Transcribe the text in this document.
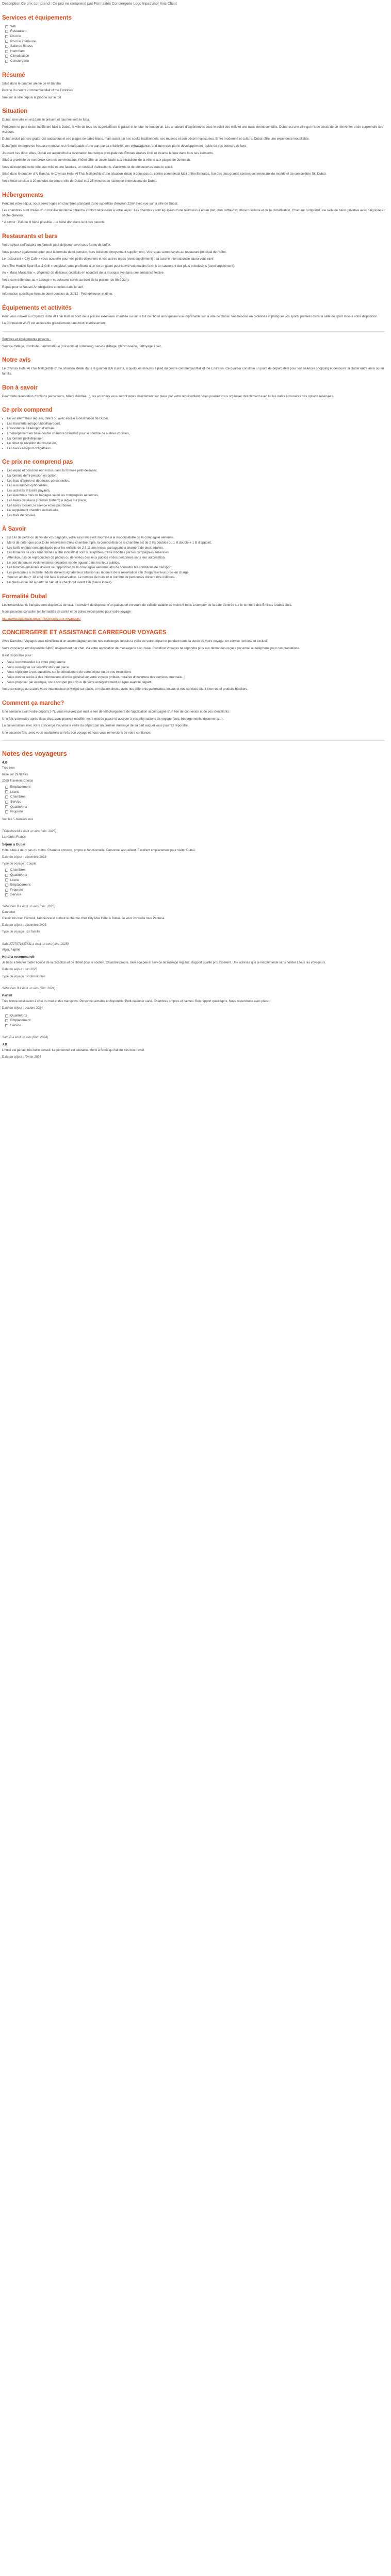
Description Ce prix comprend : Ce prix ne comprend pas Formalités Conciergerie Logo tripadvisor Avis Client

Services et équipements
Wifi
Restaurant
Piscine
Piscine intérieure
Salle de fitness
Hammam
Climatisation
Conciergerie
Résumé

Situé dans le quartier animé de Al Barsha

Proche du centre commercial Mall of the Emirates

Vue sur la ville depuis la piscine sur le toit

Situation

Dubaï, une ville en est dans le présent et tournée vers le futur.

Personne ne peut rester indifférent face à Dubaï, la ville de tous les superlatifs où le passé et le futur ne font qu'un. Les amateurs d'expériences sous le soleil des mille et une nuits seront comblés. Dubaï est une ville qui n'a de cesse de se réinventer et de surprendre ses visiteurs.

Dubaï séduit par ses gratte-ciel audacieux et ses plages de sable blanc, mais aussi par ses souks traditionnels, ses musées et son désert majestueux. Entre modernité et culture, Dubaï offre une expérience inoubliable.

Dubaï jolie émergée de l'espace mondial, est remarquable d'une part par sa créativité, son extravagance, et d'autre part par le développement rapide de ses bourses de luxe.

Jouxtant ces deux villes, Dubaï est aujourd'hui la destination touristique principale des Émirats Arabes Unis et incarne le luxe dans tous ses éléments.

Situé à proximité de nombreux centres commerciaux, l'hôtel offre un accès facile aux attractions de la ville et aux plages de Jumeirah.

Vous découvrirez cette ville aux mille et une facettes, un cocktail d'attractions, d'activités et de découvertes sous le soleil.

Situé dans le quartier d'Al Barsha, le Citymax Hotel Al Thai Mall profite d'une situation idéale à deux pas du centre commercial Mall of the Emirates, l'un des plus grands centres commerciaux du monde et de son célèbre Ski Dubaï.

Votre hôtel se situe à 20 minutes du centre-ville de Dubaï et à 25 minutes de l'aéroport international de Dubaï.

Hébergements

Pendant votre séjour, vous serez logés en chambres standard d'une superficie d'environ 22m² avec vue sur la ville de Dubaï.

Les chambres sont dotées d'un mobilier moderne offrant le confort nécessaire à votre séjour. Les chambres sont équipées d'une télévision à écran plat, d'un coffre-fort, d'une bouilloire et de la climatisation. Chacune comprend une salle de bains privative avec baignoire et sèche-cheveux.

* A savoir : Pas de lit bébé possible - Le bébé dort dans le lit des parents

Restaurants et bars

Votre séjour s'effectuera en formule petit-déjeuner servi sous forme de buffet.

Vous pourrez également opter pour la formule demi-pension, hors boissons (moyennant supplément). Vos repas seront servis au restaurant principal de l'hôtel.

Le restaurant « City Café » vous accueille pour vos petits-déjeuners et vos autres repas (avec supplément) : sa cuisine internationale saura vous ravir.

Au « The Huddle Sport Bar & Grill » convivial, vous profiterez d'un écran géant pour suivre vos matchs favoris en savourant des plats et boissons (avec supplément).

Au « Mace Music Bar », dégustez de délicieux cocktails en écoutant de la musique live dans une ambiance festive.

Votre cure détendue au « Lounge » et boissons servis au bord de la piscine (de 8h à 23h).

Repas pour le Nouvel An obligatoire et inclus dans le tarif.

Information spécifique formule demi-pension du 31/12 : Petit-déjeuner et dîner.

Équipements et activités

Pour vous relaxer au Citymax Hotel Al Thai Mall au bord de la piscine extérieure chauffée ou sur le toit de l'hôtel ainsi qu'une vue imprenable sur la ville de Dubaï. Vos besoins en protéines et pratiquer vos sports préférés dans la salle de sport mise à votre disposition.

La Connexion Wi-Fi est accessible gratuitement dans tout l'établissement.

Services et équipements payants :

Service d'étage, distributeur automatique (boissons et collations), service d'étage, blanchisserie, nettoyage à sec.

Notre avis

Le Citymax Hotel Al Thai Mall profite d'une situation idéale dans le quartier d'Al Barsha, à quelques minutes à pied du centre commercial Mall of the Emirates. Ce quartier constitue un point de départ idéal pour vos séances shopping et découvrir la Dubaï entre amis ou en famille.

Bon à savoir

Pour toute réservation d'options (excursions, billets d'entrée...), les vouchers vous seront remis directement sur place par votre représentant. Vous pourrez vous organiser directement avec lui les dates et horaires des options réservées.

Ce prix comprend
• Le vol aller/retour régulier, direct ou avec escale à destination de Dubaï,
• Les transferts aéroport/hôtel/aéroport,
• L'assistance à l'aéroport d'arrivée,
• L'hébergement en base double chambre Standard pour le nombre de nuitées choisies,
• La formule petit-déjeuner,
• Le dîner de réveillon du Nouvel An,
• Les taxes aéroport obligatoires.
Ce prix ne comprend pas
• Les repas et boissons non inclus dans la formule petit-déjeuner,
• La formule demi-pension en option,
• Les frais d'entrée et dépenses personnelles,
• Les assurances optionnelles,
• Les activités et loisirs payants,
• Les éventuels frais de bagages selon les compagnies aériennes,
• Les taxes de séjour (Tourism Dirham) à régler sur place,
• Les taxes locales, le service et les pourboires,
• Le supplément chambre individuelle,
• Les frais de dossier.
À Savoir
• En cas de perte ou de vol de vos bagages, votre assurance est soumise à la responsabilité de la compagnie aérienne.
• Merci de noter que pour toute réservation d'une chambre triple, la composition de la chambre est de 2 lits doubles ou 1 lit double + 1 lit d'appoint.
• Les tarifs enfants sont appliqués pour les enfants de 2 à 11 ans inclus, partageant la chambre de deux adultes.
• Les horaires de vols sont donnés à titre indicatif et sont susceptibles d'être modifiés par les compagnies aériennes.
• Attention, pas de reproduction de photos ou de vidéos des lieux publics et des personnes sans leur autorisation.
• Le port de tenues vestimentaires décentes est de rigueur dans les lieux publics.
• Les femmes enceintes doivent se rapprocher de la compagnie aérienne afin de connaître les conditions de transport.
• Les personnes à mobilité réduite doivent signaler leur situation au moment de la réservation afin d'organiser leur prise en charge.
• Seul un adulte (+ 18 ans) doit faire la réservation. Le nombre de nuits et le nombre de personnes doivent être indiqués.
• Le check-in se fait à partir de 14h et le check-out avant 12h (heure locale).
Formalité Dubaï

Les ressortissants français sont dispensés de visa. Il convient de disposer d'un passeport en cours de validité valable au moins 6 mois à compter de la date d'entrée sur le territoire des Émirats Arabes Unis.

Nous pouvons consulter les formalités de santé et de police nécessaires pour votre voyage :

http://www.diplomatie.gouv.fr/fr/conseils-aux-voyageurs/

CONCIERGERIE ET ASSISTANCE CARREFOUR VOYAGES

Avec Carrefour Voyages vous bénéficiez d'un accompagnement de nos concierges depuis la veille de votre départ et pendant toute la durée de votre voyage, en service renforcé et exclusif.

Votre concierge est disponible 24h/7j uniquement par chat, via votre application de messagerie sécurisée. Carrefour Voyages ne répondra plus aux demandes reçues par email ou téléphone pour ces prestations.

Il est disponible pour :

• Vous recommander sur votre programme
• Vous renseigner sur les difficultés sur place
• Vous répondre à vos questions sur le déroulement de votre séjour ou de vos excursions
• Vous donner accès à des informations d'ordre général sur votre voyage (météo, horaires d'ouverture des services, monnaie...)
• Vous proposer par exemple, nous occuper pour vous de votre enregistrement en ligne avant le départ.

Votre concierge aura alors votre interlocuteur privilégié sur place, en relation directe avec nos différents partenaires, locaux et nos services client internes et produits hôteliers.

Comment ça marche?

Une semaine avant votre départ (J-7), vous recevrez par mail le lien de téléchargement de l'application accompagné d'un lien de connexion et de vos identifiants.

Une fois connectés après deux clics, vous pourrez modifier votre mot de passe et accéder à vos informations de voyage (vols, hébergements, documents...).

La conversation avec votre concierge s'ouvrira la veille du départ par un premier message de sa part auquel vous pourrez répondre.

Une seconde fois, avec vous souhaitons un très bon voyage et nous vous remercions de votre confiance.

Notes des voyageurs

4.0

Très bien

basé sur 2978 Avis

2025 Travelers Choice

Emplacement
Literie
Chambres
Service
Qualité/prix
Propreté

Voir les 5 derniers avis

TCheshire14 a écrit un avis (déc. 2025)

La Haute, France

Séjour à Dubaï

Hôtel situé à deux pas du métro. Chambre correcte, propre et fonctionnelle. Personnel accueillant. Excellent emplacement pour visiter Dubaï.

Date du séjour : décembre 2025

Type de voyage : Couple

Chambres
Qualité/prix
Literie
Emplacement
Propreté
Service

Sébastien B a écrit un avis (déc. 2025)

Cannoisé

C'était très bien l'accueil, l'ambiance et surtout le charme chez City Max Hôtel à Dubaï. Je vous conseille tous Pedrosa.

Date du séjour : décembre 2025

Type de voyage : En famille

Sabri2727971637631 a écrit un avis (janv. 2025)

Alger, Algérie

Hotel a recommandé

Je tiens à féliciter toute l'équipe de la réception et de l'hôtel pour le soutien. Chambre propre, bien équipée et service de ménage régulier. Rapport qualité prix excellent. Une adresse que je recommande sans hésiter à tous les voyageurs.

Date du séjour : juin 2025

Type de voyage : Professionnel

Sébastien B a écrit un avis (févr. 2024)

Parfait

Très bonne localisation à côté du mall et des transports. Personnel aimable et disponible. Petit-déjeuner varié. Chambres propres et calmes. Bon rapport qualité/prix. Nous reviendrons avec plaisir.

Date du séjour : octobre 2024

Qualité/prix
Emplacement
Service

Sam R a écrit un avis (févr. 2024)

J.B.

L'hôtel est parfait, très belle accueil. Le personnel est adorable. Merci à Sonia qui fait du très bon travail.

Date du séjour : février 2024
